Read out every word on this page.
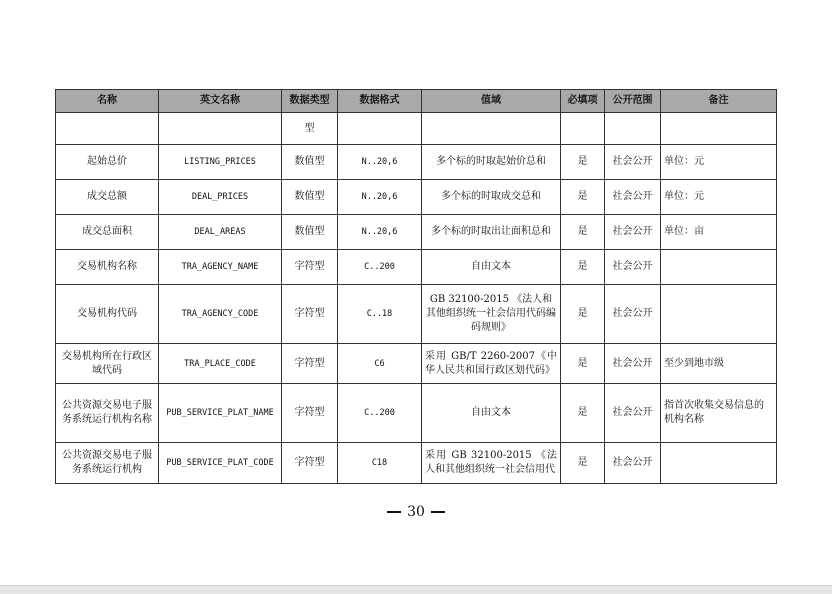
名称	英文名称	数据类型	数据格式	值域	必填项	公开范围	备注
		型					
起始总价	LISTING_PRICES	数值型	N..20,6	多个标的时取起始价总和	是	社会公开	单位：元
成交总额	DEAL_PRICES	数值型	N..20,6	多个标的时取成交总和	是	社会公开	单位：元
成交总面积	DEAL_AREAS	数值型	N..20,6	多个标的时取出让面积总和	是	社会公开	单位：亩
交易机构名称	TRA_AGENCY_NAME	字符型	C..200	自由文本	是	社会公开	
交易机构代码	TRA_AGENCY_CODE	字符型	C..18	GB 32100-2015 《法人和其他组织统一社会信用代码编码规则》	是	社会公开	
交易机构所在行政区域代码	TRA_PLACE_CODE	字符型	C6	采用 GB/T 2260-2007《中华人民共和国行政区划代码》	是	社会公开	至少到地市级
公共资源交易电子服务系统运行机构名称	PUB_SERVICE_PLAT_NAME	字符型	C..200	自由文本	是	社会公开	指首次收集交易信息的机构名称
公共资源交易电子服务系统运行机构	PUB_SERVICE_PLAT_CODE	字符型	C18	采用 GB 32100-2015 《法人和其他组织统一社会信用代	是	社会公开	
30
